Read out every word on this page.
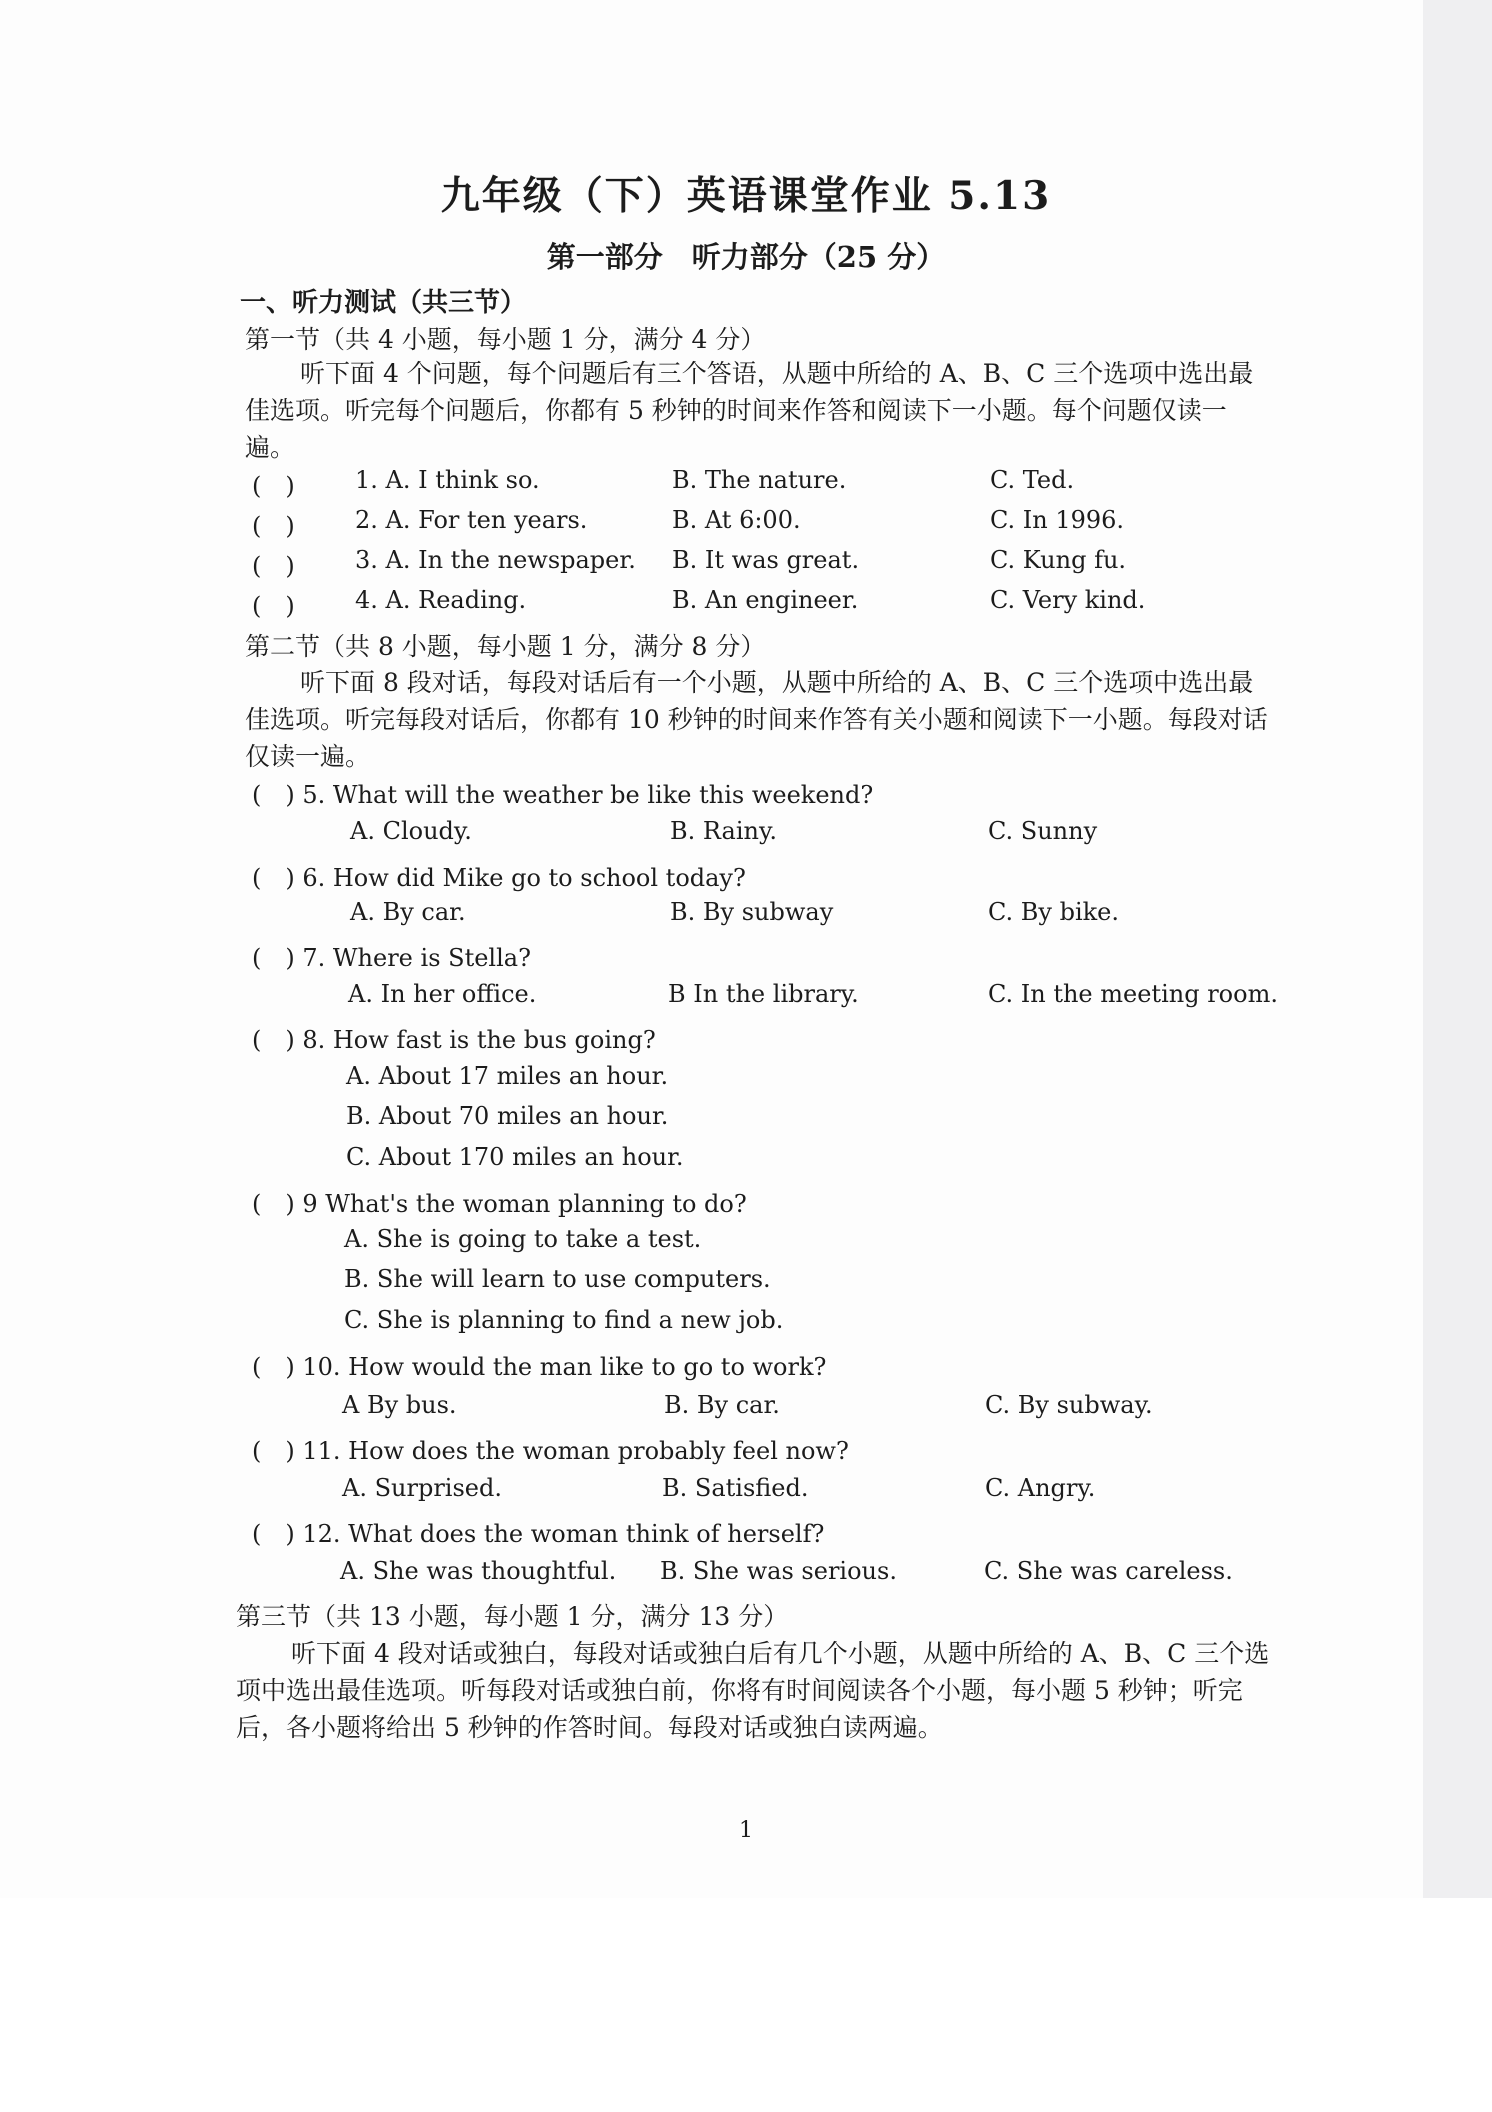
九年级（下）英语课堂作业 5.13
第一部分　听力部分（25 分）
一、听力测试（共三节）
第一节（共 4 小题，每小题 1 分，满分 4 分）
听下面 4 个问题，每个问题后有三个答语，从题中所给的 A、B、C 三个选项中选出最佳选项。听完每个问题后，你都有 5 秒钟的时间来作答和阅读下一小题。每个问题仅读一遍。
(　)	1. A. I think so.	B. The nature.	C. Ted.
(　)	2. A. For ten years.	B. At 6:00.	C. In 1996.
(　)	3. A. In the newspaper. B. It was great.	C. Kung fu.
(　)	4. A. Reading.	B. An engineer.	C. Very kind.
第二节（共 8 小题，每小题 1 分，满分 8 分）
听下面 8 段对话，每段对话后有一个小题，从题中所给的 A、B、C 三个选项中选出最佳选项。听完每段对话后，你都有 10 秒钟的时间来作答有关小题和阅读下一小题。每段对话仅读一遍。
(　) 5. What will the weather be like this weekend?
A. Cloudy.	B. Rainy.	C. Sunny
(　) 6. How did Mike go to school today?
A. By car.	B. By subway	C. By bike.
(　) 7. Where is Stella?
A. In her office.	B In the library.	C. In the meeting room.
(　) 8. How fast is the bus going?
A. About 17 miles an hour.
B. About 70 miles an hour.
C. About 170 miles an hour.
(　) 9 What's the woman planning to do?
A. She is going to take a test.
B. She will learn to use computers.
C. She is planning to find a new job.
(　) 10. How would the man like to go to work?
A By bus.	B. By car.	C. By subway.
(　) 11. How does the woman probably feel now?
A. Surprised.	B. Satisfied.	C. Angry.
(　) 12. What does the woman think of herself?
A. She was thoughtful. B. She was serious.	C. She was careless.
第三节（共 13 小题，每小题 1 分，满分 13 分）
听下面 4 段对话或独白，每段对话或独白后有几个小题，从题中所给的 A、B、C 三个选项中选出最佳选项。听每段对话或独白前，你将有时间阅读各个小题，每小题 5 秒钟；听完后，各小题将给出 5 秒钟的作答时间。每段对话或独白读两遍。
1
